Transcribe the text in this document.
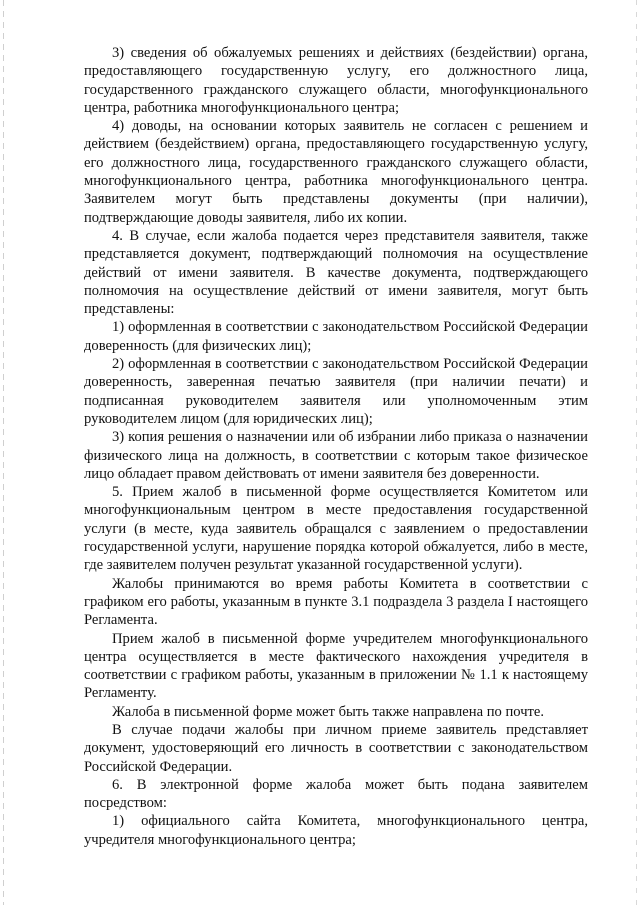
3) сведения об обжалуемых решениях и действиях (бездействии) органа, предоставляющего государственную услугу, его должностного лица, государственного гражданского служащего области, многофункционального центра, работника многофункционального центра;

4) доводы, на основании которых заявитель не согласен с решением и действием (бездействием) органа, предоставляющего государственную услугу, его должностного лица, государственного гражданского служащего области, многофункционального центра, работника многофункционального центра. Заявителем могут быть представлены документы (при наличии), подтверждающие доводы заявителя, либо их копии.

4. В случае, если жалоба подается через представителя заявителя, также представляется документ, подтверждающий полномочия на осуществление действий от имени заявителя. В качестве документа, подтверждающего полномочия на осуществление действий от имени заявителя, могут быть представлены:

1) оформленная в соответствии с законодательством Российской Федерации доверенность (для физических лиц);

2) оформленная в соответствии с законодательством Российской Федерации доверенность, заверенная печатью заявителя (при наличии печати) и подписанная руководителем заявителя или уполномоченным этим руководителем лицом (для юридических лиц);

3) копия решения о назначении или об избрании либо приказа о назначении физического лица на должность, в соответствии с которым такое физическое лицо обладает правом действовать от имени заявителя без доверенности.

5. Прием жалоб в письменной форме осуществляется Комитетом или многофункциональным центром в месте предоставления государственной услуги (в месте, куда заявитель обращался с заявлением о предоставлении государственной услуги, нарушение порядка которой обжалуется, либо в месте, где заявителем получен результат указанной государственной услуги).

Жалобы принимаются во время работы Комитета в соответствии с графиком его работы, указанным в пункте 3.1 подраздела 3 раздела I настоящего Регламента.

Прием жалоб в письменной форме учредителем многофункционального центра осуществляется в месте фактического нахождения учредителя в соответствии с графиком работы, указанным в приложении № 1.1 к настоящему Регламенту.

Жалоба в письменной форме может быть также направлена по почте.

В случае подачи жалобы при личном приеме заявитель представляет документ, удостоверяющий его личность в соответствии с законодательством Российской Федерации.

6. В электронной форме жалоба может быть подана заявителем посредством:

1) официального сайта Комитета, многофункционального центра, учредителя многофункционального центра;
